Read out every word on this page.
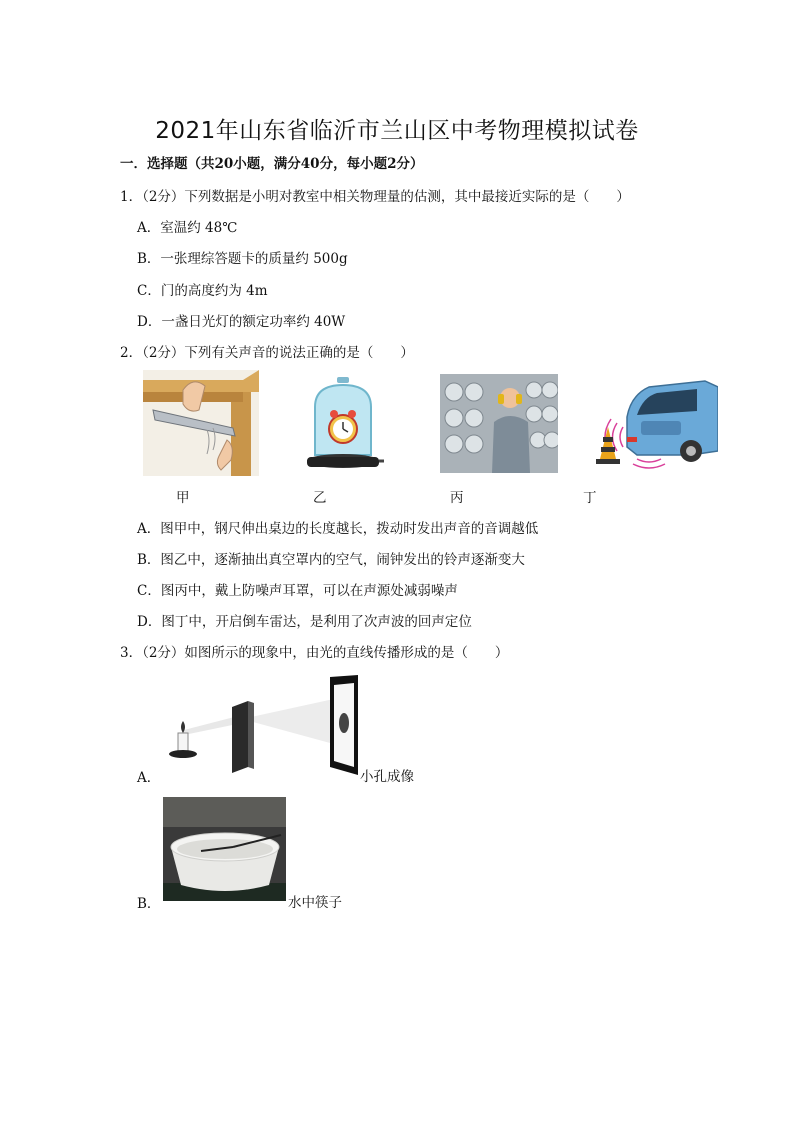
2021年山东省临沂市兰山区中考物理模拟试卷
一．选择题（共20小题，满分40分，每小题2分）
1．（2分）下列数据是小明对教室中相关物理量的估测，其中最接近实际的是（　　）
A．室温约 48℃
B．一张理综答题卡的质量约 500g
C．门的高度约为 4m
D．一盏日光灯的额定功率约 40W
2．（2分）下列有关声音的说法正确的是（　　）
甲	乙	丙	丁
A．图甲中，钢尺伸出桌边的长度越长，拨动时发出声音的音调越低
B．图乙中，逐渐抽出真空罩内的空气，闹钟发出的铃声逐渐变大
C．图丙中，戴上防噪声耳罩，可以在声源处减弱噪声
D．图丁中，开启倒车雷达，是利用了次声波的回声定位
3．（2分）如图所示的现象中，由光的直线传播形成的是（　　）
A．	小孔成像
B．	水中筷子
